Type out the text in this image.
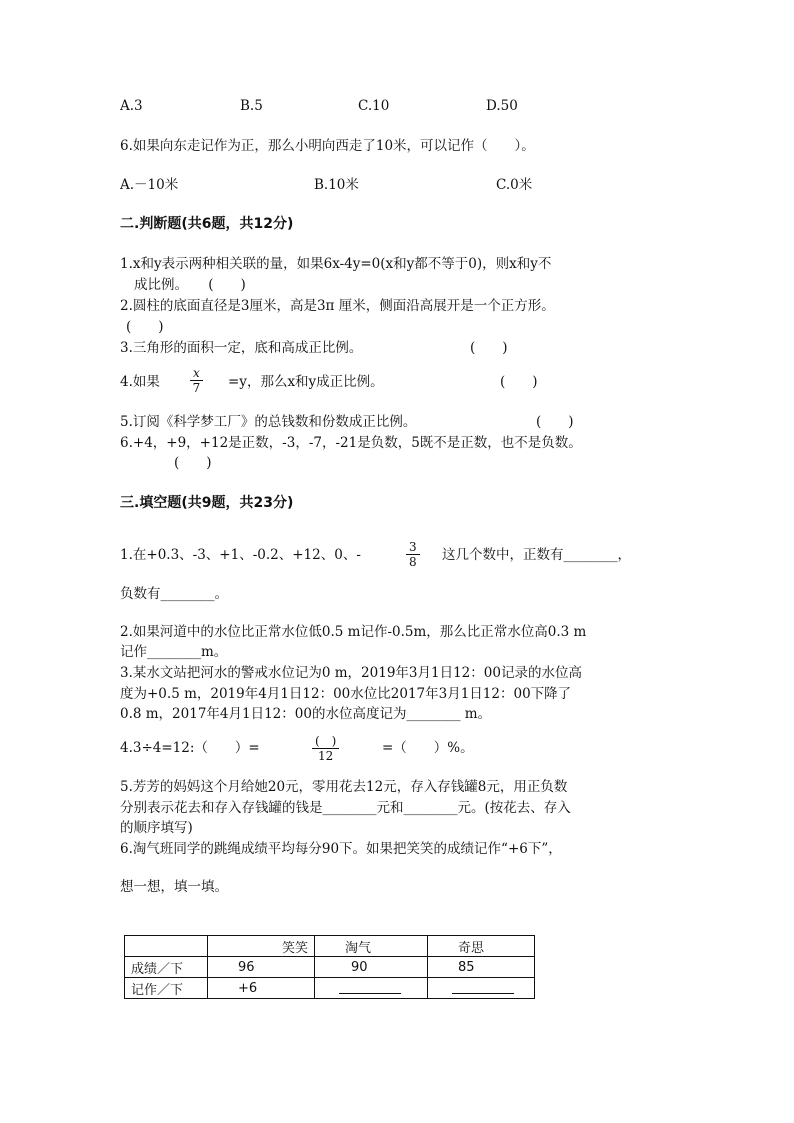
A.3	B.5	C.10	D.50
6.如果向东走记作为正，那么小明向西走了10米，可以记作（　　）。
A.－10米	B.10米	C.0米
二.判断题(共6题，共12分)
1.x和y表示两种相关联的量，如果6x-4y=0(x和y都不等于0)，则x和y不
成比例。　　(　　)
2.圆柱的底面直径是3厘米，高是3π 厘米，侧面沿高展开是一个正方形。
(　　)
3.三角形的面积一定，底和高成正比例。	(　　)
4.如果	$\frac{x}{7} =y$，那么x和y成正比例。	(　　)
5.订阅《科学梦工厂》的总钱数和份数成正比例。	(　　)
6.+4，+9，+12是正数，-3，-7，-21是负数，5既不是正数，也不是负数。
(　　)
三.填空题(共9题，共23分)
1.在+0.3、-3、+1、-0.2、+12、0、-	$\frac{3}{8}$ 这几个数中，正数有________，
负数有________。
2.如果河道中的水位比正常水位低0.5 m记作-0.5m，那么比正常水位高0.3 m
记作________m。
3.某水文站把河水的警戒水位记为0 m，2019年3月1日12：00记录的水位高
度为+0.5 m，2019年4月1日12：00水位比2017年3月1日12：00下降了
0.8 m，2017年4月1日12：00的水位高度记为________ m。
4.3÷4=12:（　　）=	(　)
12	=（　　）%。
5.芳芳的妈妈这个月给她20元，零用花去12元，存入存钱罐8元，用正负数
分别表示花去和存入存钱罐的钱是________元和________元。(按花去、存入
的顺序填写)
6.淘气班同学的跳绳成绩平均每分90下。如果把笑笑的成绩记作“+6下”，
想一想，填一填。
	笑笑	淘气	奇思
成绩／下	96	90	85
记作／下	+6		
